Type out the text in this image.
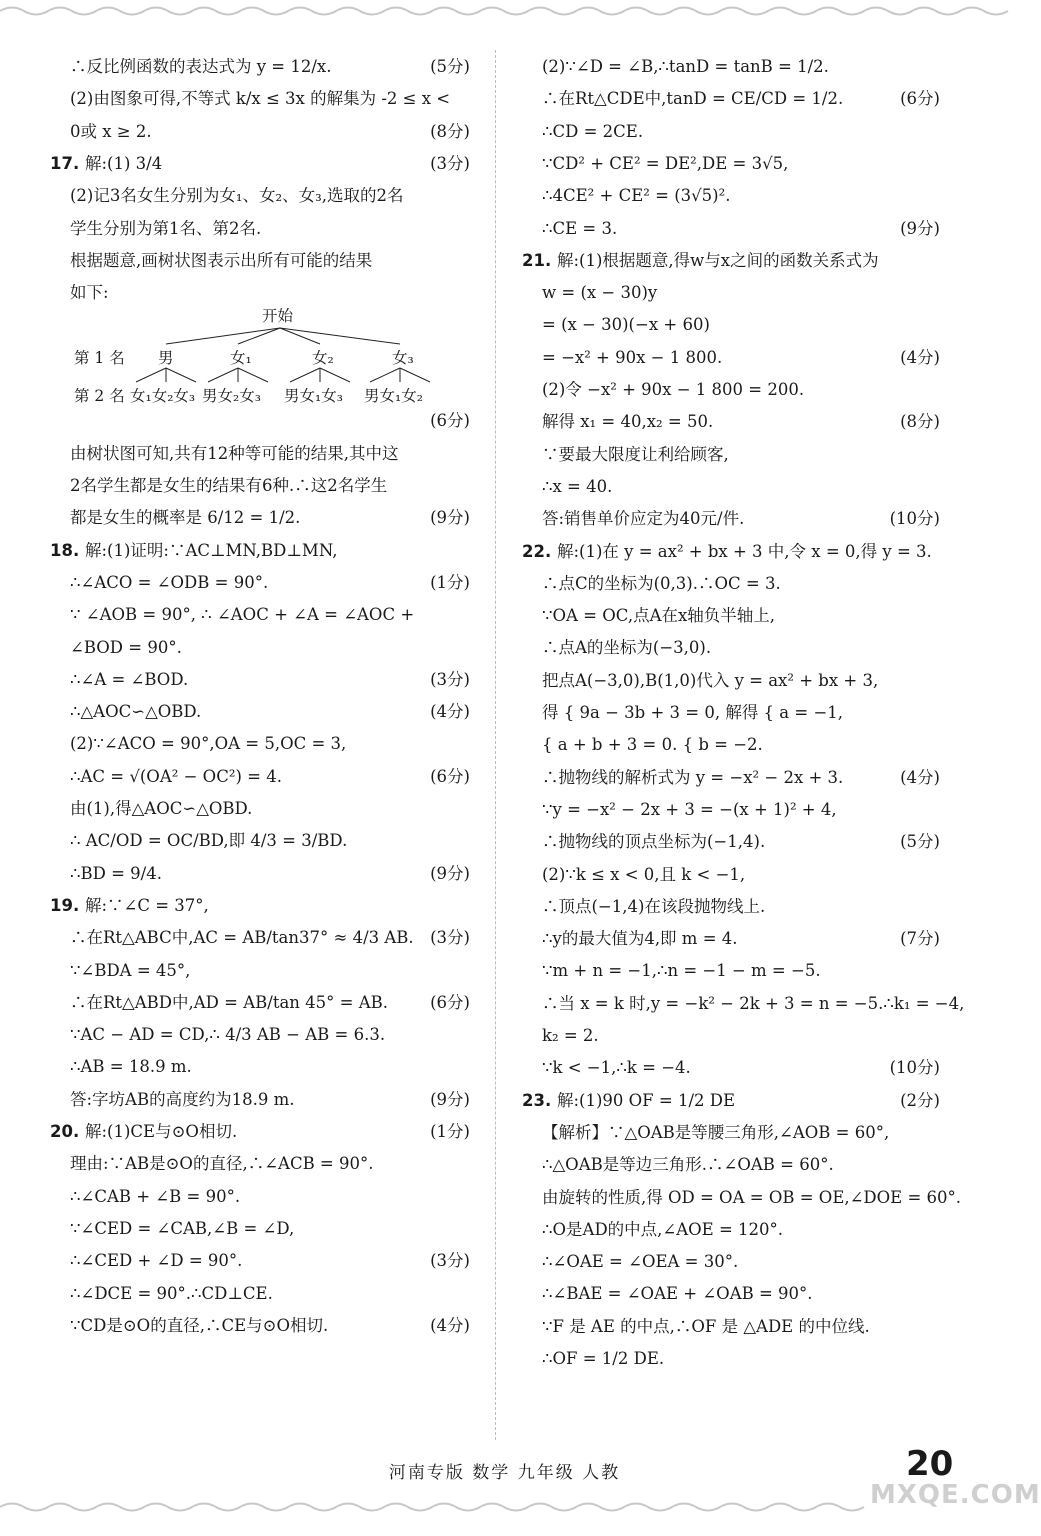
∴反比例函数的表达式为 y = 12/x.	(5分)
(2)由图象可得,不等式 k/x ≤ 3x 的解集为 -2 ≤ x <
0或 x ≥ 2.	(8分)
17. 解:(1) 3/4	(3分)
(2)记3名女生分别为女₁、女₂、女₃,选取的2名
学生分别为第1名、第2名.
根据题意,画树状图表示出所有可能的结果
如下:
开始
第 1 名
第 2 名
男	女₁	女₂	女₃
女₁女₂女₃ 男女₂女₃ 男女₁女₃ 男女₁女₂
(6分)
由树状图可知,共有12种等可能的结果,其中这
2名学生都是女生的结果有6种.∴这2名学生
都是女生的概率是 6/12 = 1/2.	(9分)
18. 解:(1)证明:∵AC⊥MN,BD⊥MN,
∴∠ACO = ∠ODB = 90°.	(1分)
∵ ∠AOB = 90°, ∴ ∠AOC + ∠A = ∠AOC +
∠BOD = 90°.
∴∠A = ∠BOD.	(3分)
∴△AOC∽△OBD.	(4分)
(2)∵∠ACO = 90°,OA = 5,OC = 3,
∴AC = √(OA² − OC²) = 4.	(6分)
由(1),得△AOC∽△OBD.
∴ AC/OD = OC/BD,即 4/3 = 3/BD.
∴BD = 9/4.	(9分)
19. 解:∵∠C = 37°,
∴在Rt△ABC中,AC = AB/tan37° ≈ 4/3 AB. (3分)
∵∠BDA = 45°,
∴在Rt△ABD中,AD = AB/tan 45° = AB.	(6分)
∵AC − AD = CD,∴ 4/3 AB − AB = 6.3.
∴AB = 18.9 m.
答:字坊AB的高度约为18.9 m.	(9分)
20. 解:(1)CE与⊙O相切.	(1分)
理由:∵AB是⊙O的直径,∴∠ACB = 90°.
∴∠CAB + ∠B = 90°.
∵∠CED = ∠CAB,∠B = ∠D,
∴∠CED + ∠D = 90°.	(3分)
∴∠DCE = 90°.∴CD⊥CE.
∵CD是⊙O的直径,∴CE与⊙O相切.	(4分)
(2)∵∠D = ∠B,∴tanD = tanB = 1/2.
∴在Rt△CDE中,tanD = CE/CD = 1/2.	(6分)
∴CD = 2CE.
∵CD² + CE² = DE²,DE = 3√5,
∴4CE² + CE² = (3√5)².
∴CE = 3.	(9分)
21. 解:(1)根据题意,得w与x之间的函数关系式为
w = (x − 30)y
= (x − 30)(−x + 60)
= −x² + 90x − 1 800.	(4分)
(2)令 −x² + 90x − 1 800 = 200.
解得 x₁ = 40,x₂ = 50.	(8分)
∵要最大限度让利给顾客,
∴x = 40.
答:销售单价应定为40元/件.	(10分)
22. 解:(1)在 y = ax² + bx + 3 中,令 x = 0,得 y = 3.
∴点C的坐标为(0,3).∴OC = 3.
∵OA = OC,点A在x轴负半轴上,
∴点A的坐标为(−3,0).
把点A(−3,0),B(1,0)代入 y = ax² + bx + 3,
得 { 9a − 3b + 3 = 0, 解得 { a = −1,
{ a + b + 3 = 0. { b = −2.
∴抛物线的解析式为 y = −x² − 2x + 3.	(4分)
∵y = −x² − 2x + 3 = −(x + 1)² + 4,
∴抛物线的顶点坐标为(−1,4).	(5分)
(2)∵k ≤ x < 0,且 k < −1,
∴顶点(−1,4)在该段抛物线上.
∴y的最大值为4,即 m = 4.	(7分)
∵m + n = −1,∴n = −1 − m = −5.
∴当 x = k 时,y = −k² − 2k + 3 = n = −5.∴k₁ = −4,
k₂ = 2.
∵k < −1,∴k = −4.	(10分)
23. 解:(1)90 OF = 1/2 DE	(2分)
【解析】∵△OAB是等腰三角形,∠AOB = 60°,
∴△OAB是等边三角形.∴∠OAB = 60°.
由旋转的性质,得 OD = OA = OB = OE,∠DOE = 60°.
∴O是AD的中点,∠AOE = 120°.
∴∠OAE = ∠OEA = 30°.
∴∠BAE = ∠OAE + ∠OAB = 90°.
∵F 是 AE 的中点,∴OF 是 △ADE 的中位线.
∴OF = 1/2 DE.
河南专版 数学 九年级 人教	20
MXQE.COM
